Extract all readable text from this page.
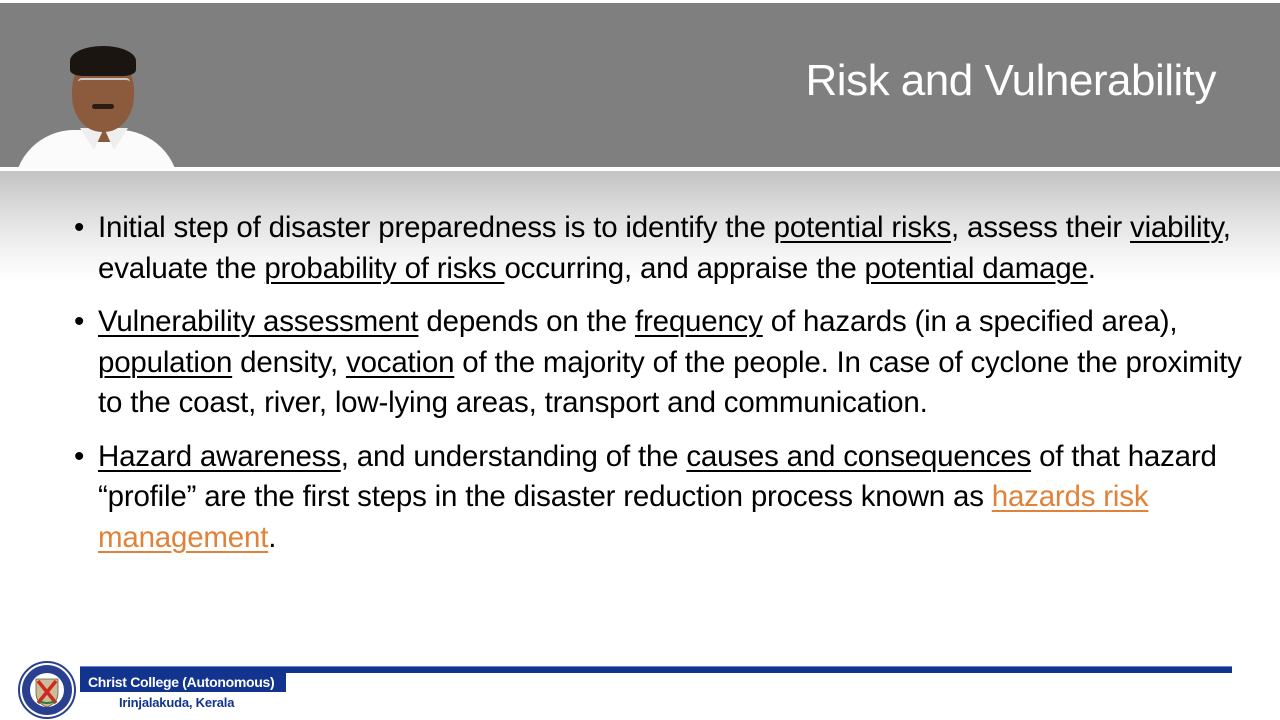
Risk and Vulnerability
• Initial step of disaster preparedness is to identify the potential risks, assess their viability, evaluate the probability of risks occurring, and appraise the potential damage.
• Vulnerability assessment depends on the frequency of hazards (in a specified area), population density, vocation of the majority of the people. In case of cyclone the proximity to the coast, river, low-lying areas, transport and communication.
• Hazard awareness, and understanding of the causes and consequences of that hazard “profile” are the first steps in the disaster reduction process known as hazards risk management.
Christ College (Autonomous)
Irinjalakuda, Kerala
